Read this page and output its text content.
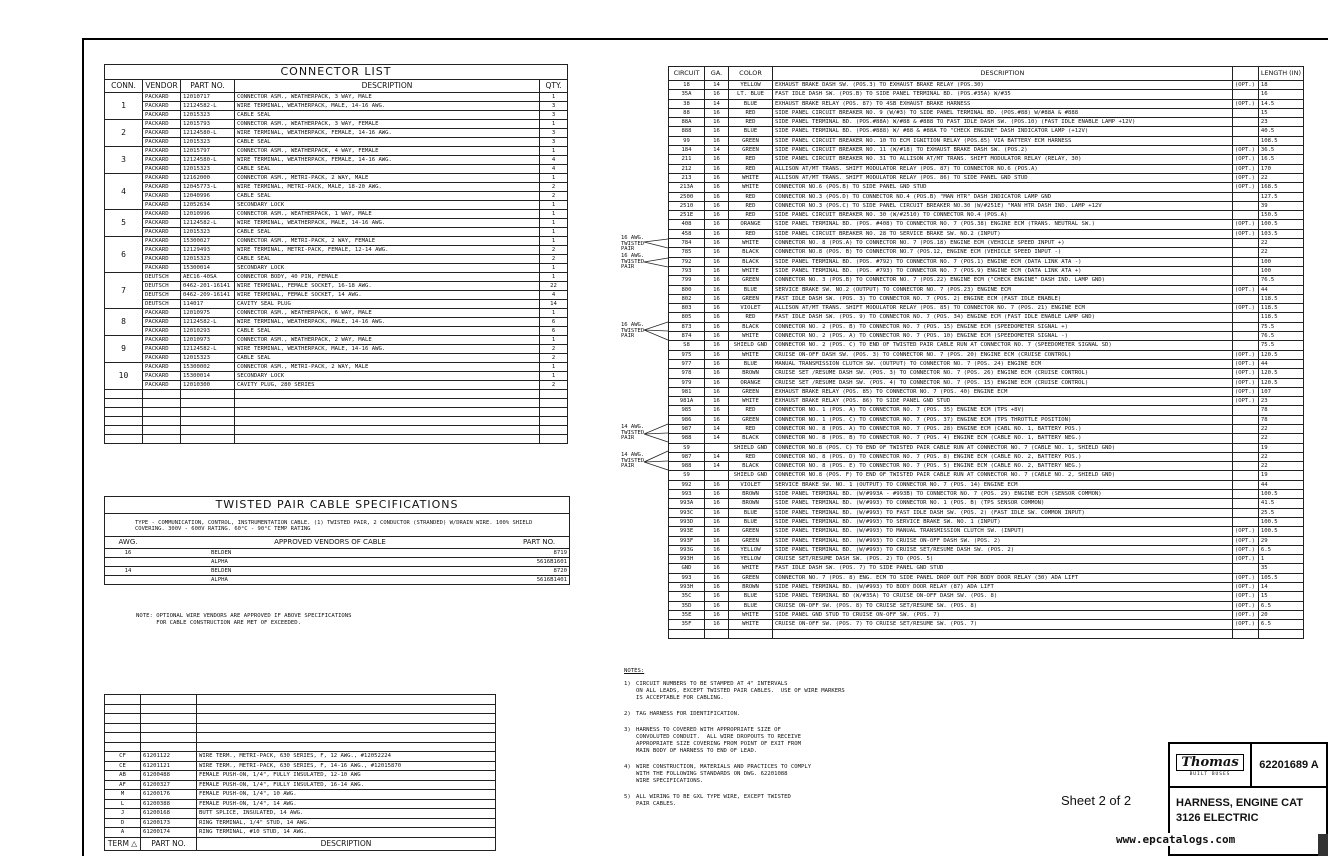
CONNECTOR LIST
CONN.	VENDOR	PART NO.	DESCRIPTION	QTY.
1	PACKARD	12010717	CONNECTOR ASM., WEATHERPACK, 3 WAY, MALE	1
	PACKARD	12124582-L	WIRE TERMINAL, WEATHERPACK, MALE, 14-16 AWG.	3
	PACKARD	12015323	CABLE SEAL	3
2	PACKARD	12015793	CONNECTOR ASM., WEATHERPACK, 3 WAY, FEMALE	1
	PACKARD	12124580-L	WIRE TERMINAL, WEATHERPACK, FEMALE, 14-16 AWG.	3
	PACKARD	12015323	CABLE SEAL	3
3	PACKARD	12015797	CONNECTOR ASM., WEATHERPACK, 4 WAY, FEMALE	1
	PACKARD	12124580-L	WIRE TERMINAL, WEATHERPACK, FEMALE, 14-16 AWG.	4
	PACKARD	12015323	CABLE SEAL	4
4	PACKARD	12162000	CONNECTOR ASM., METRI-PACK, 2 WAY, MALE	1
	PACKARD	12045773-L	WIRE TERMINAL, METRI-PACK, MALE, 18-20 AWG.	2
	PACKARD	12040996	CABLE SEAL	2
	PACKARD	12052634	SECONDARY LOCK	1
5	PACKARD	12010996	CONNECTOR ASM., WEATHERPACK, 1 WAY, MALE	1
	PACKARD	12124582-L	WIRE TERMINAL, WEATHERPACK, MALE, 14-16 AWG.	1
	PACKARD	12015323	CABLE SEAL	1
6	PACKARD	15300027	CONNECTOR ASM., METRI-PACK, 2 WAY, FEMALE	1
	PACKARD	12129493	WIRE TERMINAL, METRI-PACK, FEMALE, 12-14 AWG.	2
	PACKARD	12015323	CABLE SEAL	2
	PACKARD	15300014	SECONDARY LOCK	1
7	DEUTSCH	AEC16-40SA	CONNECTOR BODY, 40 PIN, FEMALE	1
	DEUTSCH	0462-201-16141	WIRE TERMINAL, FEMALE SOCKET, 16-18 AWG.	22
	DEUTSCH	0462-209-16141	WIRE TERMINAL, FEMALE SOCKET, 14 AWG.	4
	DEUTSCH	114017	CAVITY SEAL PLUG	14
8	PACKARD	12010975	CONNECTOR ASM., WEATHERPACK, 6 WAY, MALE	1
	PACKARD	12124582-L	WIRE TERMINAL, WEATHERPACK, MALE, 14-16 AWG.	6
	PACKARD	12010293	CABLE SEAL	6
9	PACKARD	12010973	CONNECTOR ASM., WEATHERPACK, 2 WAY, MALE	1
	PACKARD	12124582-L	WIRE TERMINAL, WEATHERPACK, MALE, 14-16 AWG.	2
	PACKARD	12015323	CABLE SEAL	2
10	PACKARD	15300002	CONNECTOR ASM., METRI-PACK, 2 WAY, MALE	1
	PACKARD	15300014	SECONDARY LOCK	1
	PACKARD	12010300	CAVITY PLUG, 280 SERIES	2

TWISTED PAIR CABLE SPECIFICATIONS
TYPE - COMMUNICATION, CONTROL, INSTRUMENTATION CABLE. (1) TWISTED PAIR, 2 CONDUCTOR (STRANDED) W/DRAIN WIRE. 100% SHIELD COVERING. 300V - 600V RATING. 60°C - 90°C TEMP RATING
AWG.	APPROVED VENDORS OF CABLE	PART NO.
16	BELDEN	8719
	ALPHA	5616B1601
14	BELDEN	8720
	ALPHA	5616B1401
NOTE: OPTIONAL WIRE VENDORS ARE APPROVED IF ABOVE SPECIFICATIONS
FOR CABLE CONSTRUCTION ARE MET OF EXCEEDED.

CF	61201122	WIRE TERM., METRI-PACK, 630 SERIES, F, 12 AWG., #12052224
CE	61201121	WIRE TERM., METRI-PACK, 630 SERIES, F, 14-16 AWG., #12015870
AB	61200488	FEMALE PUSH-ON, 1/4", FULLY INSULATED, 12-10 AWG
AF	61200327	FEMALE PUSH-ON, 1/4", FULLY INSULATED, 16-14 AWG.
M	61200176	FEMALE PUSH-ON, 1/4", 10 AWG.
L	61200388	FEMALE PUSH-ON, 1/4", 14 AWG.
J	61200168	BUTT SPLICE, INSULATED, 14 AWG.
D	61200173	RING TERMINAL, 1/4" STUD, 14 AWG.
A	61200174	RING TERMINAL, #10 STUD, 14 AWG.
TERM △	PART NO.	DESCRIPTION
CIRCUIT	GA.	COLOR	DESCRIPTION		LENGTH (IN)
18	14	YELLOW	EXHAUST BRAKE DASH SW. (POS.3) TO EXHAUST BRAKE RELAY (POS.30)	(OPT.)	18
35A	16	LT. BLUE	FAST IDLE DASH SW. (POS.B) TO SIDE PANEL TERMINAL BD. (POS.#35A) W/#35		16
38	14	BLUE	EXHAUST BRAKE RELAY (POS. 87) TO 4SB EXHAUST BRAKE HARNESS	(OPT.)	14.5
88	16	RED	SIDE PANEL CIRCUIT BREAKER NO. 9 (W/#3) TO SIDE PANEL TERMINAL BD. (POS.#88) W/#88A & #888		15
88A	16	RED	SIDE PANEL TERMINAL BD. (POS.#88A) W/#88 & #888 TO FAST IDLE DASH SW. (POS.10) (FAST IDLE ENABLE LAMP +12V)		23
888	16	BLUE	SIDE PANEL TERMINAL BD. (POS.#888) W/ #88 & #88A TO "CHECK ENGINE" DASH INDICATOR LAMP (+12V)		40.5
99	16	GREEN	SIDE PANEL CIRCUIT BREAKER NO. 10 TO ECM IGNITION RELAY (POS.85) VIA BATTERY ECM HARNESS		108.5
184	14	GREEN	SIDE PANEL CIRCUIT BREAKER NO. 11 (W/#18) TO EXHAUST BRAKE DASH SW. (POS.2)	(OPT.)	36.5
211	16	RED	SIDE PANEL CIRCUIT BREAKER NO. 31 TO ALLISON AT/MT TRANS. SHIFT MODULATOR RELAY (RELAY, 30)	(OPT.)	16.5
212	16	RED	ALLISON AT/MT TRANS. SHIFT MODULATOR RELAY (POS. 87) TO CONNECTOR NO.6 (POS.A)	(OPT.)	170
213	16	WHITE	ALLISON AT/MT TRANS. SHIFT MODULATOR RELAY (POS. 86) TO SIDE PANEL GND STUD	(OPT.)	22
213A	16	WHITE	CONNECTOR NO.6 (POS.B) TO SIDE PANEL GND STUD	(OPT.)	168.5
2500	16	RED	CONNECTOR NO.3 (POS.D) TO CONNECTOR NO.4 (POS.B) "MAN HTR" DASH INDICATOR LAMP GND		127.5
2510	16	RED	CONNECTOR NO.3 (POS.C) TO SIDE PANEL CIRCUIT BREAKER NO.30 (W/#251E) "MAN HTR DASH IND. LAMP +12V		39
251E	16	RED	SIDE PANEL CIRCUIT BREAKER NO. 30 (W/#2510) TO CONNECTOR NO.4 (POS.A)		150.5
408	16	ORANGE	SIDE PANEL TERMINAL BD. (POS. #408) TO CONNECTOR NO. 7 (POS.38) ENGINE ECM (TRANS. NEUTRAL SW.)	(OPT.)	100.5
458	16	RED	SIDE PANEL CIRCUIT BREAKER NO. 28 TO SERVICE BRAKE SW. NO.2 (INPUT)	(OPT.)	103.5
784	16	WHITE	CONNECTOR NO. 8 (POS.A) TO CONNECTOR NO. 7 (POS.18) ENGINE ECM (VEHICLE SPEED INPUT +)		22
785	16	BLACK	CONNECTOR NO.8 (POS. B) TO CONNECTOR NO.7 (POS.12, ENGINE ECM (VEHICLE SPEED INPUT -)		22
792	16	BLACK	SIDE PANEL TERMINAL BD. (POS. #792) TO CONNECTOR NO. 7 (POS.1) ENGINE ECM (DATA LINK ATA -)		100
793	16	WHITE	SIDE PANEL TERMINAL BD. (POS. #793) TO CONNECTOR NO. 7 (POS.9) ENGINE ECM (DATA LINK ATA +)		100
799	16	GREEN	CONNECTOR NO. 3 (POS.B) TO CONNECTOR NO. 7 (POS.22) ENGINE ECM ("CHECK ENGINE" DASH IND. LAMP GND)		76.5
800	16	BLUE	SERVICE BRAKE SW. NO.2 (OUTPUT) TO CONNECTOR NO. 7 (POS.23) ENGINE ECM	(OPT.)	44
802	16	GREEN	FAST IDLE DASH SW. (POS. 3) TO CONNECTOR NO. 7 (POS. 2) ENGINE ECM (FAST IDLE ENABLE)		118.5
803	16	VIOLET	ALLISON AT/MT TRANS. SHIFT MODULATOR RELAY (POS. 85) TO CONNECTOR NO. 7 (POS. 21) ENGINE ECM	(OPT.)	118.5
805	16	RED	FAST IDLE DASH SW. (POS. 9) TO CONNECTOR NO. 7 (POS. 34) ENGINE ECM (FAST IDLE ENABLE LAMP GND)		118.5
873	16	BLACK	CONNECTOR NO. 2 (POS. B) TO CONNECTOR NO. 7 (POS. 15) ENGINE ECM (SPEEDOMETER SIGNAL +)		75.5
874	16	WHITE	CONNECTOR NO. 2 (POS. A) TO CONNECTOR NO. 7 (POS. 10) ENGINE ECM (SPEEDOMETER SIGNAL -)		76.5
S8	16	SHIELD GND	CONNECTOR NO. 2 (POS. C) TO END OF TWISTED PAIR CABLE RUN AT CONNECTOR NO. 7 (SPEEDOMETER SIGNAL SD)		75.5
975	16	WHITE	CRUISE ON-OFF DASH SW. (POS. 3) TO CONNECTOR NO. 7 (POS. 20) ENGINE ECM (CRUISE CONTROL)	(OPT.)	120.5
977	16	BLUE	MANUAL TRANSMISSION CLUTCH SW. (OUTPUT) TO CONNECTOR NO. 7 (POS. 24) ENGINE ECM	(OPT.)	44
978	16	BROWN	CRUISE SET /RESUME DASH SW. (POS. 3) TO CONNECTOR NO. 7 (POS. 26) ENGINE ECM (CRUISE CONTROL)	(OPT.)	120.5
979	16	ORANGE	CRUISE SET /RESUME DASH SW. (POS. 4) TO CONNECTOR NO. 7 (POS. 15) ENGINE ECM (CRUISE CONTROL)	(OPT.)	120.5
981	16	GREEN	EXHAUST BRAKE RELAY (POS. 85) TO CONNECTOR NO. 7 (POS. 40) ENGINE ECM	(OPT.)	107
981A	16	WHITE	EXHAUST BRAKE RELAY (POS. 86) TO SIDE PANEL GND STUD	(OPT.)	23
985	16	RED	CONNECTOR NO. 1 (POS. A) TO CONNECTOR NO. 7 (POS. 35) ENGINE ECM (TPS +8V)		78
986	16	GREEN	CONNECTOR NO. 1 (POS. C) TO CONNECTOR NO. 7 (POS. 37) ENGINE ECM (TPS THROTTLE POSITION)		78
987	14	RED	CONNECTOR NO. 8 (POS. A) TO CONNECTOR NO. 7 (POS. 28) ENGINE ECM (CABL NO. 1, BATTERY POS.)		22
988	14	BLACK	CONNECTOR NO. 8 (POS. B) TO CONNECTOR NO. 7 (POS. 4) ENGINE ECM (CABLE NO. 1, BATTERY NEG.)		22
S9		SHIELD GND	CONNECTOR NO.8 (POS. C) TO END OF TWISTED PAIR CABLE RUN AT CONNECTOR NO. 7 (CABLE NO. 1, SHIELD GND)		19
987	14	RED	CONNECTOR NO. 8 (POS. D) TO CONNECTOR NO. 7 (POS. 8) ENGINE ECM (CABLE NO. 2, BATTERY POS.)		22
988	14	BLACK	CONNECTOR NO. 8 (POS. E) TO CONNECTOR NO. 7 (POS. 5) ENGINE ECM (CABLE NO. 2, BATTERY NEG.)		22
S9		SHIELD GND	CONNECTOR NO.8 (POS. F) TO END OF TWISTED PAIR CABLE RUN AT CONNECTOR NO. 7 (CABLE NO. 2, SHIELD GND)		19
992	16	VIOLET	SERVICE BRAKE SW. NO. 1 (OUTPUT) TO CONNECTOR NO. 7 (POS. 14) ENGINE ECM		44
993	16	BROWN	SIDE PANEL TERMINAL BD. (W/#993A - #993B) TO CONNECTOR NO. 7 (POS. 29) ENGINE ECM (SENSOR COMMON)		100.5
993A	16	BROWN	SIDE PANEL TERMINAL BD. (W/#993) TO CONNECTOR NO. 1 (POS. B) (TPS SENSOR COMMON)		41.5
993C	16	BLUE	SIDE PANEL TERMINAL BD. (W/#993) TO FAST IDLE DASH SW. (POS. 2) (FAST IDLE SW. COMMON INPUT)		25.5
993D	16	BLUE	SIDE PANEL TERMINAL BD. (W/#993) TO SERVICE BRAKE SW. NO. 1 (INPUT)		100.5
993E	16	GREEN	SIDE PANEL TERMINAL BD. (W/#993) TO MANUAL TRANSMISSION CLUTCH SW. (INPUT)	(OPT.)	100.5
993F	16	GREEN	SIDE PANEL TERMINAL BD. (W/#993) TO CRUISE ON-OFF DASH SW. (POS. 2)	(OPT.)	29
993G	16	YELLOW	SIDE PANEL TERMINAL BD. (W/#993) TO CRUISE SET/RESUME DASH SW. (POS. 2)	(OPT.)	6.5
993H	16	YELLOW	CRUISE SET/RESUME DASH SW. (POS. 2) TO (POS. 5)	(OPT.)	1
GND	16	WHITE	FAST IDLE DASH SW. (POS. 7) TO SIDE PANEL GND STUD		35
993	16	GREEN	CONNECTOR NO. 7 (POS. 8) ENG. ECM TO SIDE PANEL DROP OUT FOR BODY DOOR RELAY (30) ADA LIFT	(OPT.)	105.5
993H	16	BROWN	SIDE PANEL TERMINAL BD. (W/#993) TO BODY DOOR RELAY (87) ADA LIFT	(OPT.)	14
35C	16	BLUE	SIDE PANEL TERMINAL BD (W/#35A) TO CRUISE ON-OFF DASH SW. (POS. 8)	(OPT.)	15
35D	16	BLUE	CRUISE ON-OFF SW. (POS. 8) TO CRUISE SET/RESUME SW. (POS. 8)	(OPT.)	6.5
35E	16	WHITE	SIDE PANEL GND STUD TO CRUISE ON-OFF SW. (POS. 7)	(OPT.)	20
35F	16	WHITE	CRUISE ON-OFF SW. (POS. 7) TO CRUISE SET/RESUME SW. (POS. 7)	(OPT.)	6.5

16 AWG. TWISTED PAIR
16 AWG. TWISTED PAIR
16 AWG. TWISTED PAIR
14 AWG. TWISTED PAIR
14 AWG. TWISTED PAIR
NOTES:
1) CIRCUIT NUMBERS TO BE STAMPED AT 4" INTERVALS
ON ALL LEADS, EXCEPT TWISTED PAIR CABLES.  USE OF WIRE MARKERS
IS ACCEPTABLE FOR CABLING.
2) TAG HARNESS FOR IDENTIFICATION.
3) HARNESS TO COVERED WITH APPROPRIATE SIZE OF
CONVOLUTED CONDUIT.  ALL WIRE DROPOUTS TO RECEIVE
APPROPRIATE SIZE COVERING FROM POINT OF EXIT FROM
MAIN BODY OF HARNESS TO END OF LEAD.
4) WIRE CONSTRUCTION, MATERIALS AND PRACTICES TO COMPLY
WITH THE FOLLOWING STANDARDS ON DWG. 62201088
WIRE SPECIFICATIONS.
5) ALL WIRING TO BE GXL TYPE WIRE, EXCEPT TWISTED
PAIR CABLES.	Sheet 2 of 2
Thomas
BUILT BUSES
62201689 A
HARNESS, ENGINE CAT
3126 ELECTRIC
www.epcatalogs.com
